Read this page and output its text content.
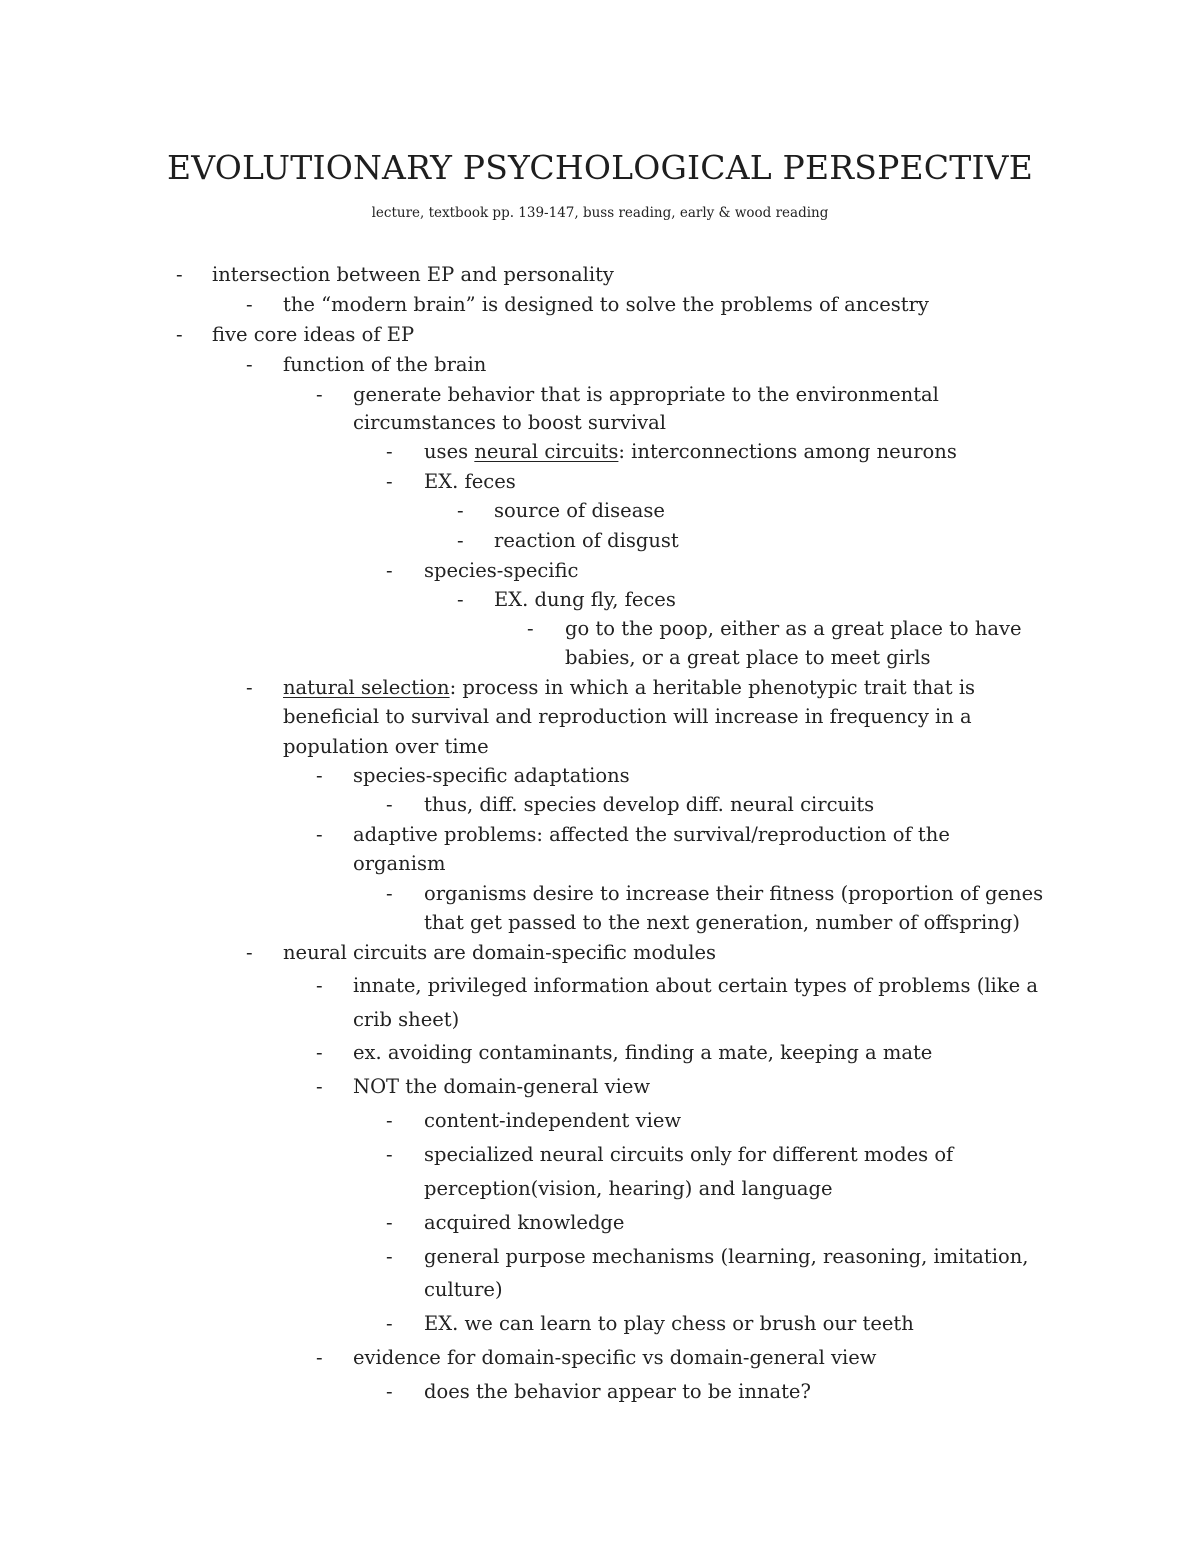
EVOLUTIONARY PSYCHOLOGICAL PERSPECTIVE

lecture, textbook pp. 139-147, buss reading, early & wood reading

- intersection between EP and personality
- the “modern brain” is designed to solve the problems of ancestry
- five core ideas of EP
- function of the brain
- generate behavior that is appropriate to the environmental
circumstances to boost survival
- uses neural circuits: interconnections among neurons
- EX. feces
- source of disease
- reaction of disgust
- species-specific
- EX. dung fly, feces
- go to the poop, either as a great place to have
babies, or a great place to meet girls
- natural selection: process in which a heritable phenotypic trait that is
beneficial to survival and reproduction will increase in frequency in a
population over time
- species-specific adaptations
- thus, diff. species develop diff. neural circuits
- adaptive problems: affected the survival/reproduction of the
organism
- organisms desire to increase their fitness (proportion of genes
that get passed to the next generation, number of offspring)
- neural circuits are domain-specific modules
- innate, privileged information about certain types of problems (like a
crib sheet)
- ex. avoiding contaminants, finding a mate, keeping a mate
- NOT the domain-general view
- content-independent view
- specialized neural circuits only for different modes of
perception(vision, hearing) and language
- acquired knowledge
- general purpose mechanisms (learning, reasoning, imitation,
culture)
- EX. we can learn to play chess or brush our teeth
- evidence for domain-specific vs domain-general view
- does the behavior appear to be innate?
